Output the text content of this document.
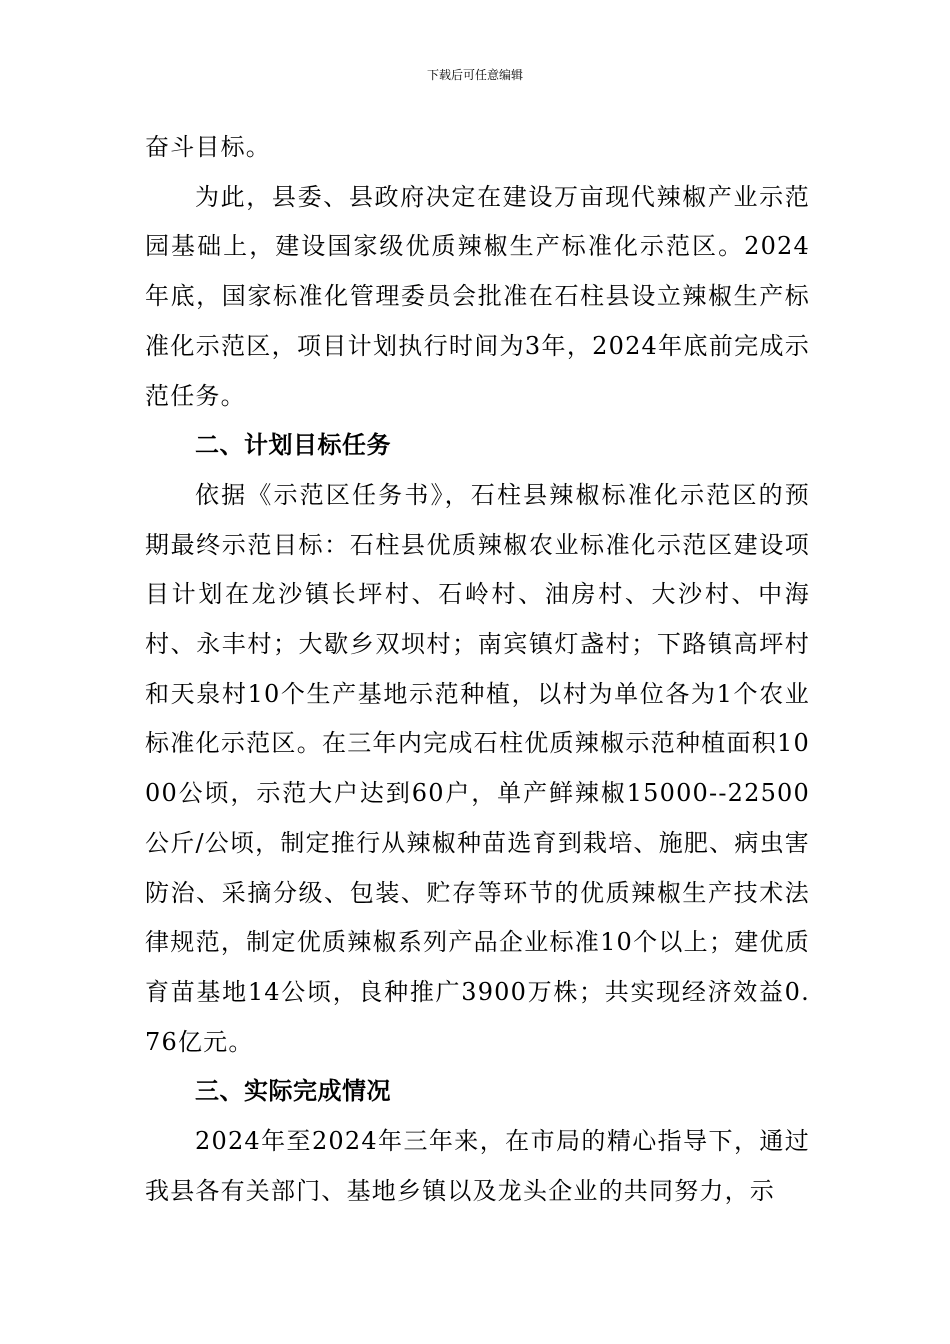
下载后可任意编辑

奋斗目标。

为此，县委、县政府决定在建设万亩现代辣椒产业示范园基础上，建设国家级优质辣椒生产标准化示范区。2024年底，国家标准化管理委员会批准在石柱县设立辣椒生产标准化示范区，项目计划执行时间为3年，2024年底前完成示范任务。

二、计划目标任务

依据《示范区任务书》，石柱县辣椒标准化示范区的预期最终示范目标：石柱县优质辣椒农业标准化示范区建设项目计划在龙沙镇长坪村、石岭村、油房村、大沙村、中海村、永丰村；大歇乡双坝村；南宾镇灯盏村；下路镇高坪村和天泉村10个生产基地示范种植，以村为单位各为1个农业标准化示范区。在三年内完成石柱优质辣椒示范种植面积1000公顷，示范大户达到60户，单产鲜辣椒15000--22500公斤/公顷，制定推行从辣椒种苗选育到栽培、施肥、病虫害防治、采摘分级、包装、贮存等环节的优质辣椒生产技术法律规范，制定优质辣椒系列产品企业标准10个以上；建优质育苗基地14公顷，良种推广3900万株；共实现经济效益0.76亿元。

三、实际完成情况

2024年至2024年三年来，在市局的精心指导下，通过我县各有关部门、基地乡镇以及龙头企业的共同努力，示
